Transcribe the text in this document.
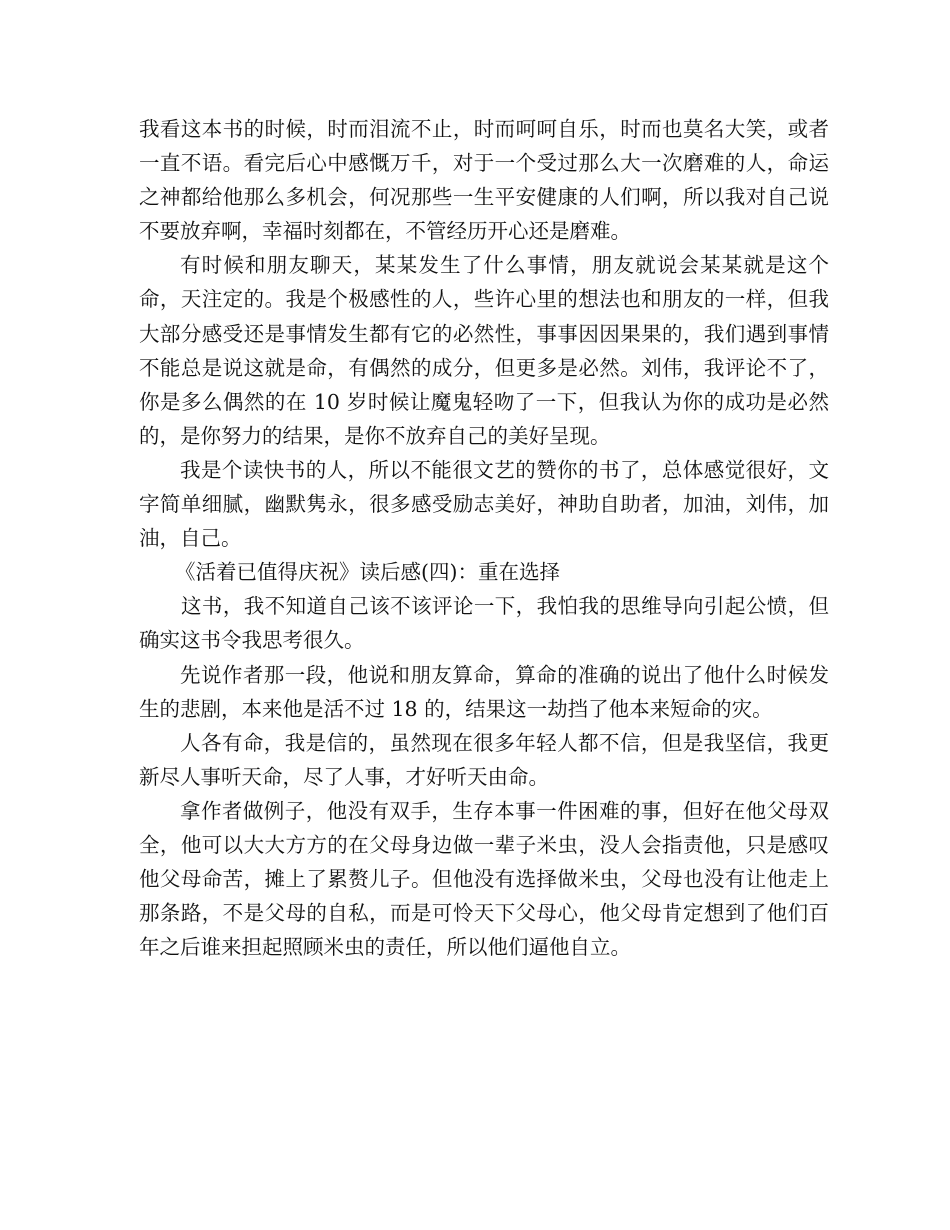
我看这本书的时候，时而泪流不止，时而呵呵自乐，时而也莫名大笑，或者一直不语。看完后心中感慨万千，对于一个受过那么大一次磨难的人，命运之神都给他那么多机会，何况那些一生平安健康的人们啊，所以我对自己说不要放弃啊，幸福时刻都在，不管经历开心还是磨难。

有时候和朋友聊天，某某发生了什么事情，朋友就说会某某就是这个命，天注定的。我是个极感性的人，些许心里的想法也和朋友的一样，但我大部分感受还是事情发生都有它的必然性，事事因因果果的，我们遇到事情不能总是说这就是命，有偶然的成分，但更多是必然。刘伟，我评论不了，你是多么偶然的在 10 岁时候让魔鬼轻吻了一下，但我认为你的成功是必然的，是你努力的结果，是你不放弃自己的美好呈现。

我是个读快书的人，所以不能很文艺的赞你的书了，总体感觉很好，文字简单细腻，幽默隽永，很多感受励志美好，神助自助者，加油，刘伟，加油，自己。

《活着已值得庆祝》读后感(四)：重在选择

这书，我不知道自己该不该评论一下，我怕我的思维导向引起公愤，但确实这书令我思考很久。

先说作者那一段，他说和朋友算命，算命的准确的说出了他什么时候发生的悲剧，本来他是活不过 18 的，结果这一劫挡了他本来短命的灾。

人各有命，我是信的，虽然现在很多年轻人都不信，但是我坚信，我更新尽人事听天命，尽了人事，才好听天由命。

拿作者做例子，他没有双手，生存本事一件困难的事，但好在他父母双全，他可以大大方方的在父母身边做一辈子米虫，没人会指责他，只是感叹他父母命苦，摊上了累赘儿子。但他没有选择做米虫，父母也没有让他走上那条路，不是父母的自私，而是可怜天下父母心，他父母肯定想到了他们百年之后谁来担起照顾米虫的责任，所以他们逼他自立。
